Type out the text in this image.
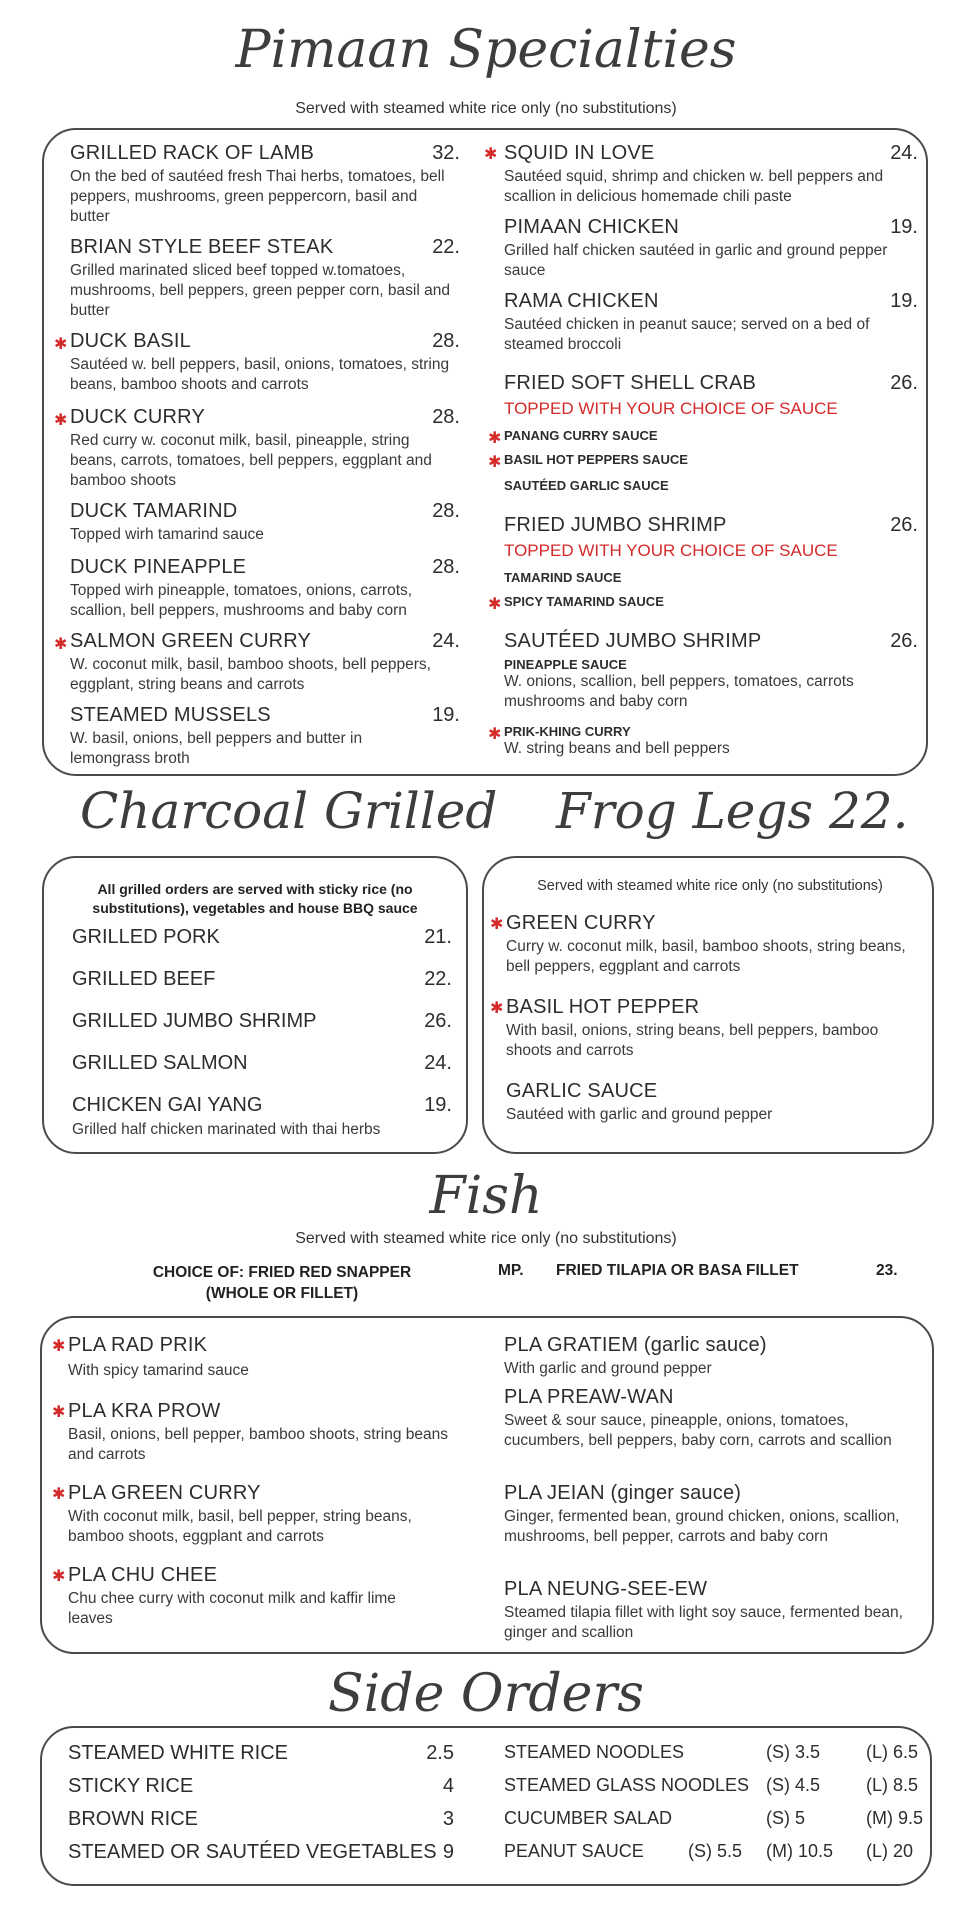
Pimaan Specialties
Served with steamed white rice only (no substitutions)
GRILLED RACK OF LAMB	32.
On the bed of sautéed fresh Thai herbs, tomatoes, bell peppers, mushrooms, green peppercorn, basil and butter
BRIAN STYLE BEEF STEAK	22.
Grilled marinated sliced beef topped w.tomatoes, mushrooms, bell peppers, green pepper corn, basil and butter
✱ DUCK BASIL	28.
Sautéed w. bell peppers, basil, onions, tomatoes, string beans, bamboo shoots and carrots
✱ DUCK CURRY	28.
Red curry w. coconut milk, basil, pineapple, string beans, carrots, tomatoes, bell peppers, eggplant and bamboo shoots
DUCK TAMARIND	28.
Topped wirh tamarind sauce
DUCK PINEAPPLE	28.
Topped wirh pineapple, tomatoes, onions, carrots, scallion, bell peppers, mushrooms and baby corn
✱ SALMON GREEN CURRY	24.
W. coconut milk, basil, bamboo shoots, bell peppers, eggplant, string beans and carrots
STEAMED MUSSELS	19.
W. basil, onions, bell peppers and butter in lemongrass broth
✱ SQUID IN LOVE	24.
Sautéed squid, shrimp and chicken w. bell peppers and scallion in delicious homemade chili paste
PIMAAN CHICKEN	19.
Grilled half chicken sautéed in garlic and ground pepper sauce
RAMA CHICKEN	19.
Sautéed chicken in peanut sauce; served on a bed of steamed broccoli
FRIED SOFT SHELL CRAB	26.
TOPPED WITH YOUR CHOICE OF SAUCE
✱ PANANG CURRY SAUCE
✱ BASIL HOT PEPPERS SAUCE
SAUTÉED GARLIC SAUCE
FRIED JUMBO SHRIMP	26.
TOPPED WITH YOUR CHOICE OF SAUCE
TAMARIND SAUCE
✱ SPICY TAMARIND SAUCE
SAUTÉED JUMBO SHRIMP	26.
PINEAPPLE SAUCE
W. onions, scallion, bell peppers, tomatoes, carrots mushrooms and baby corn
✱ PRIK-KHING CURRY
W. string beans and bell peppers
Charcoal Grilled Frog Legs 22.
All grilled orders are served with sticky rice (no substitutions), vegetables and house BBQ sauce
GRILLED PORK	21.
GRILLED BEEF	22.
GRILLED JUMBO SHRIMP	26.
GRILLED SALMON	24.
CHICKEN GAI YANG	19.
Grilled half chicken marinated with thai herbs
Served with steamed white rice only (no substitutions)
✱ GREEN CURRY
Curry w. coconut milk, basil, bamboo shoots, string beans, bell peppers, eggplant and carrots
✱ BASIL HOT PEPPER
With basil, onions, string beans, bell peppers, bamboo shoots and carrots
GARLIC SAUCE
Sautéed with garlic and ground pepper
Fish
Served with steamed white rice only (no substitutions)
CHOICE OF: FRIED RED SNAPPER
(WHOLE OR FILLET)
MP. FRIED TILAPIA OR BASA FILLET	23.
✱ PLA RAD PRIK
With spicy tamarind sauce
✱ PLA KRA PROW
Basil, onions, bell pepper, bamboo shoots, string beans and carrots
✱ PLA GREEN CURRY
With coconut milk, basil, bell pepper, string beans, bamboo shoots, eggplant and carrots
✱ PLA CHU CHEE
Chu chee curry with coconut milk and kaffir lime leaves
PLA GRATIEM (garlic sauce)
With garlic and ground pepper
PLA PREAW-WAN
Sweet & sour sauce, pineapple, onions, tomatoes, cucumbers, bell peppers, baby corn, carrots and scallion
PLA JEIAN (ginger sauce)
Ginger, fermented bean, ground chicken, onions, scallion, mushrooms, bell pepper, carrots and baby corn
PLA NEUNG-SEE-EW
Steamed tilapia fillet with light soy sauce, fermented bean, ginger and scallion
Side Orders
STEAMED WHITE RICE	2.5
STICKY RICE	4
BROWN RICE	3
STEAMED OR SAUTÉED VEGETABLES 9
STEAMED NOODLES	(S) 3.5	(L) 6.5
STEAMED GLASS NOODLES (S) 4.5	(L) 8.5
CUCUMBER SALAD	(S) 5	(M) 9.5
PEANUT SAUCE (S) 5.5 (M) 10.5 (L) 20
